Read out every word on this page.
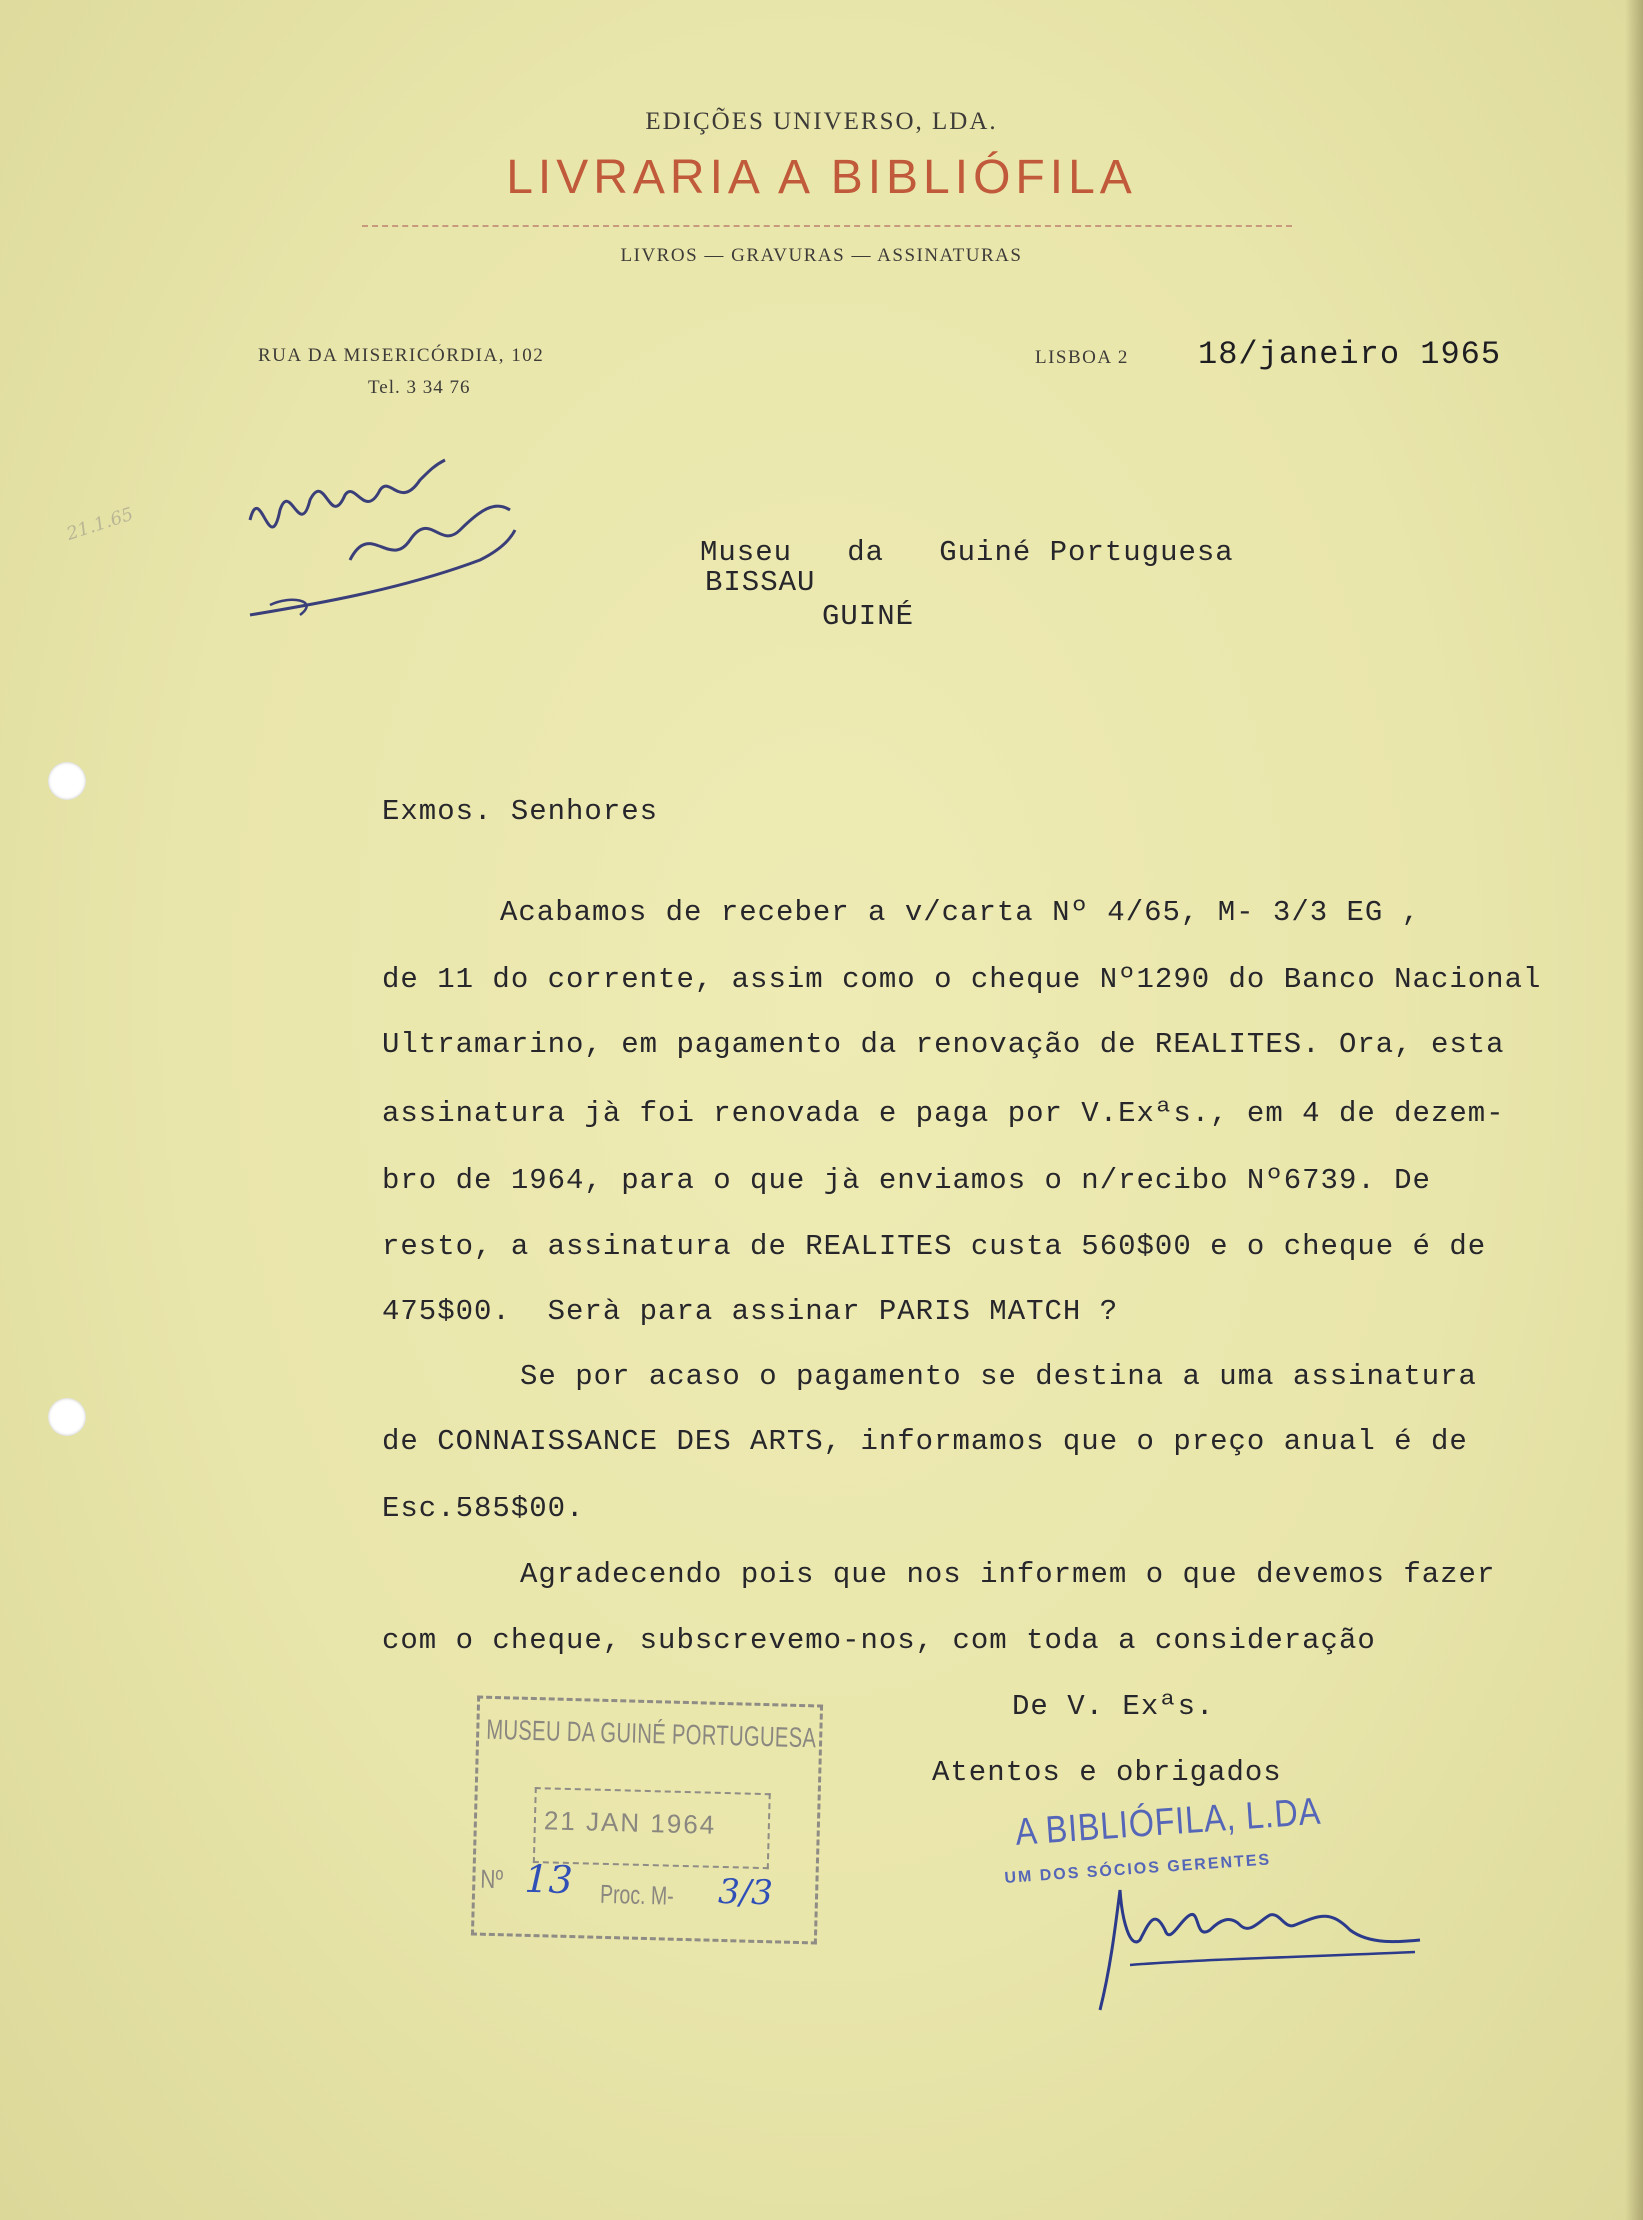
EDIÇÕES UNIVERSO, LDA.
LIVRARIA A BIBLIÓFILA
LIVROS — GRAVURAS — ASSINATURAS
RUA DA MISERICÓRDIA, 102
Tel. 3 34 76
LISBOA 2 18/janeiro 1965
21.1.65
Museu   da   Guiné Portuguesa
BISSAU
GUINÉ
Exmos. Senhores
Acabamos de receber a v/carta Nº 4/65, M- 3/3 EG ,
de 11 do corrente, assim como o cheque Nº1290 do Banco Nacional
Ultramarino, em pagamento da renovação de REALITES. Ora, esta
assinatura jà foi renovada e paga por V.Exªs., em 4 de dezem-
bro de 1964, para o que jà enviamos o n/recibo Nº6739. De
resto, a assinatura de REALITES custa 560$00 e o cheque é de
475$00.  Serà para assinar PARIS MATCH ?
Se por acaso o pagamento se destina a uma assinatura
de CONNAISSANCE DES ARTS, informamos que o preço anual é de
Esc.585$00.
Agradecendo pois que nos informem o que devemos fazer
com o cheque, subscrevemo-nos, com toda a consideração
De V. Exªs.
Atentos e obrigados
MUSEU DA GUINÉ PORTUGUESA
21 JAN 1964
Nº 13 Proc. M- 3/3
A BIBLIÓFILA, L.DA
UM DOS SÓCIOS GERENTES
